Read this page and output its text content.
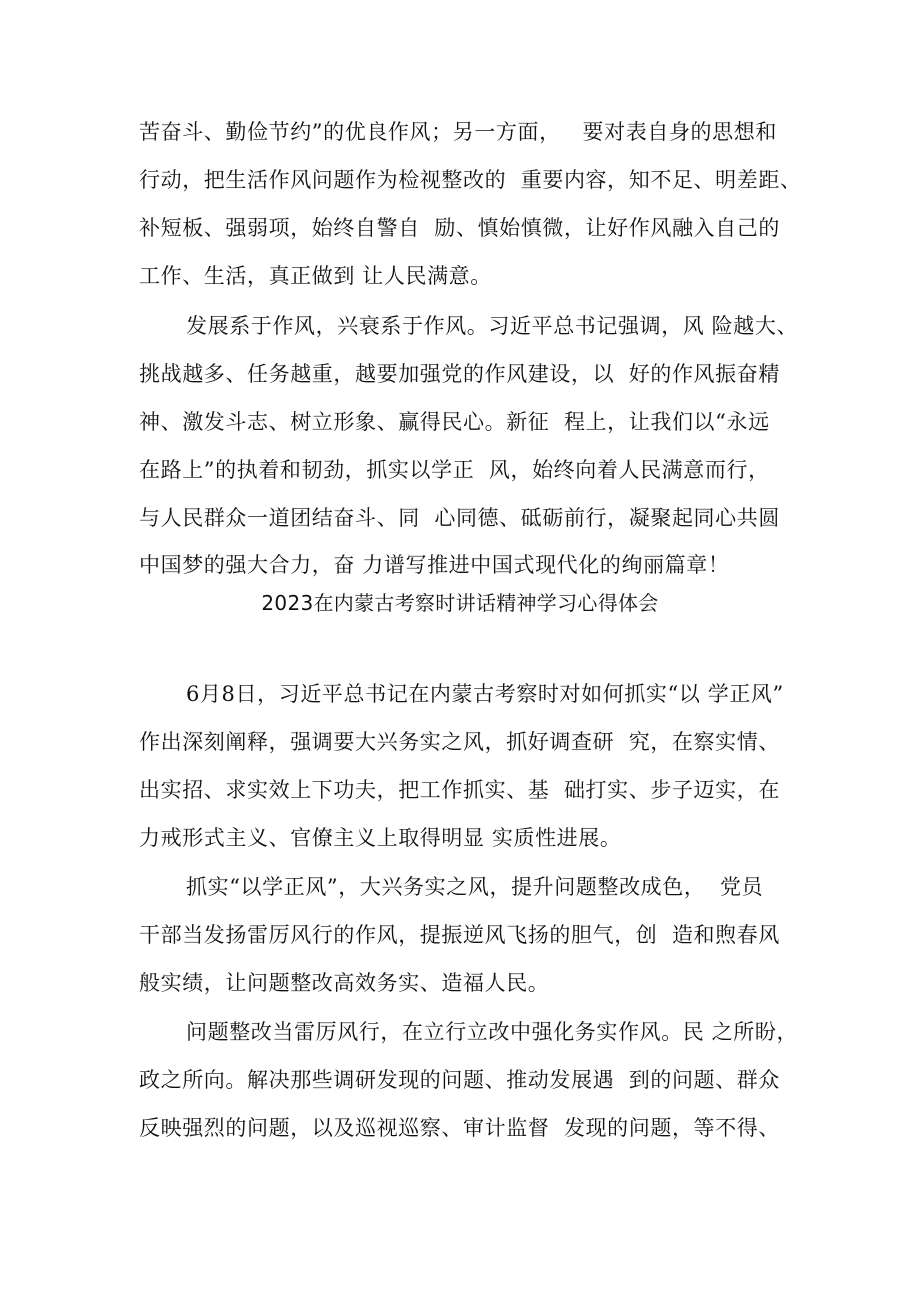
苦奋斗、勤俭节约”的优良作风；另一方面，   要对表自身的思想和
行动，把生活作风问题作为检视整改的  重要内容，知不足、明差距、
补短板、强弱项，始终自警自  励、慎始慎微，让好作风融入自己的
工作、生活，真正做到 让人民满意。
发展系于作风，兴衰系于作风。习近平总书记强调，风 险越大、
挑战越多、任务越重，越要加强党的作风建设，以  好的作风振奋精
神、激发斗志、树立形象、赢得民心。新征  程上，让我们以“永远
在路上”的执着和韧劲，抓实以学正  风，始终向着人民满意而行，
与人民群众一道团结奋斗、同  心同德、砥砺前行，凝聚起同心共圆
中国梦的强大合力，奋 力谱写推进中国式现代化的绚丽篇章！
2023在内蒙古考察时讲话精神学习心得体会
6月8日，习近平总书记在内蒙古考察时对如何抓实“以 学正风”
作出深刻阐释，强调要大兴务实之风，抓好调查研  究，在察实情、
出实招、求实效上下功夫，把工作抓实、基  础打实、步子迈实，在
力戒形式主义、官僚主义上取得明显 实质性进展。
抓实“以学正风”，大兴务实之风，提升问题整改成色，  党员
干部当发扬雷厉风行的作风，提振逆风飞扬的胆气，创  造和煦春风
般实绩，让问题整改高效务实、造福人民。
问题整改当雷厉风行，在立行立改中强化务实作风。民 之所盼，
政之所向。解决那些调研发现的问题、推动发展遇  到的问题、群众
反映强烈的问题，以及巡视巡察、审计监督  发现的问题，等不得、
